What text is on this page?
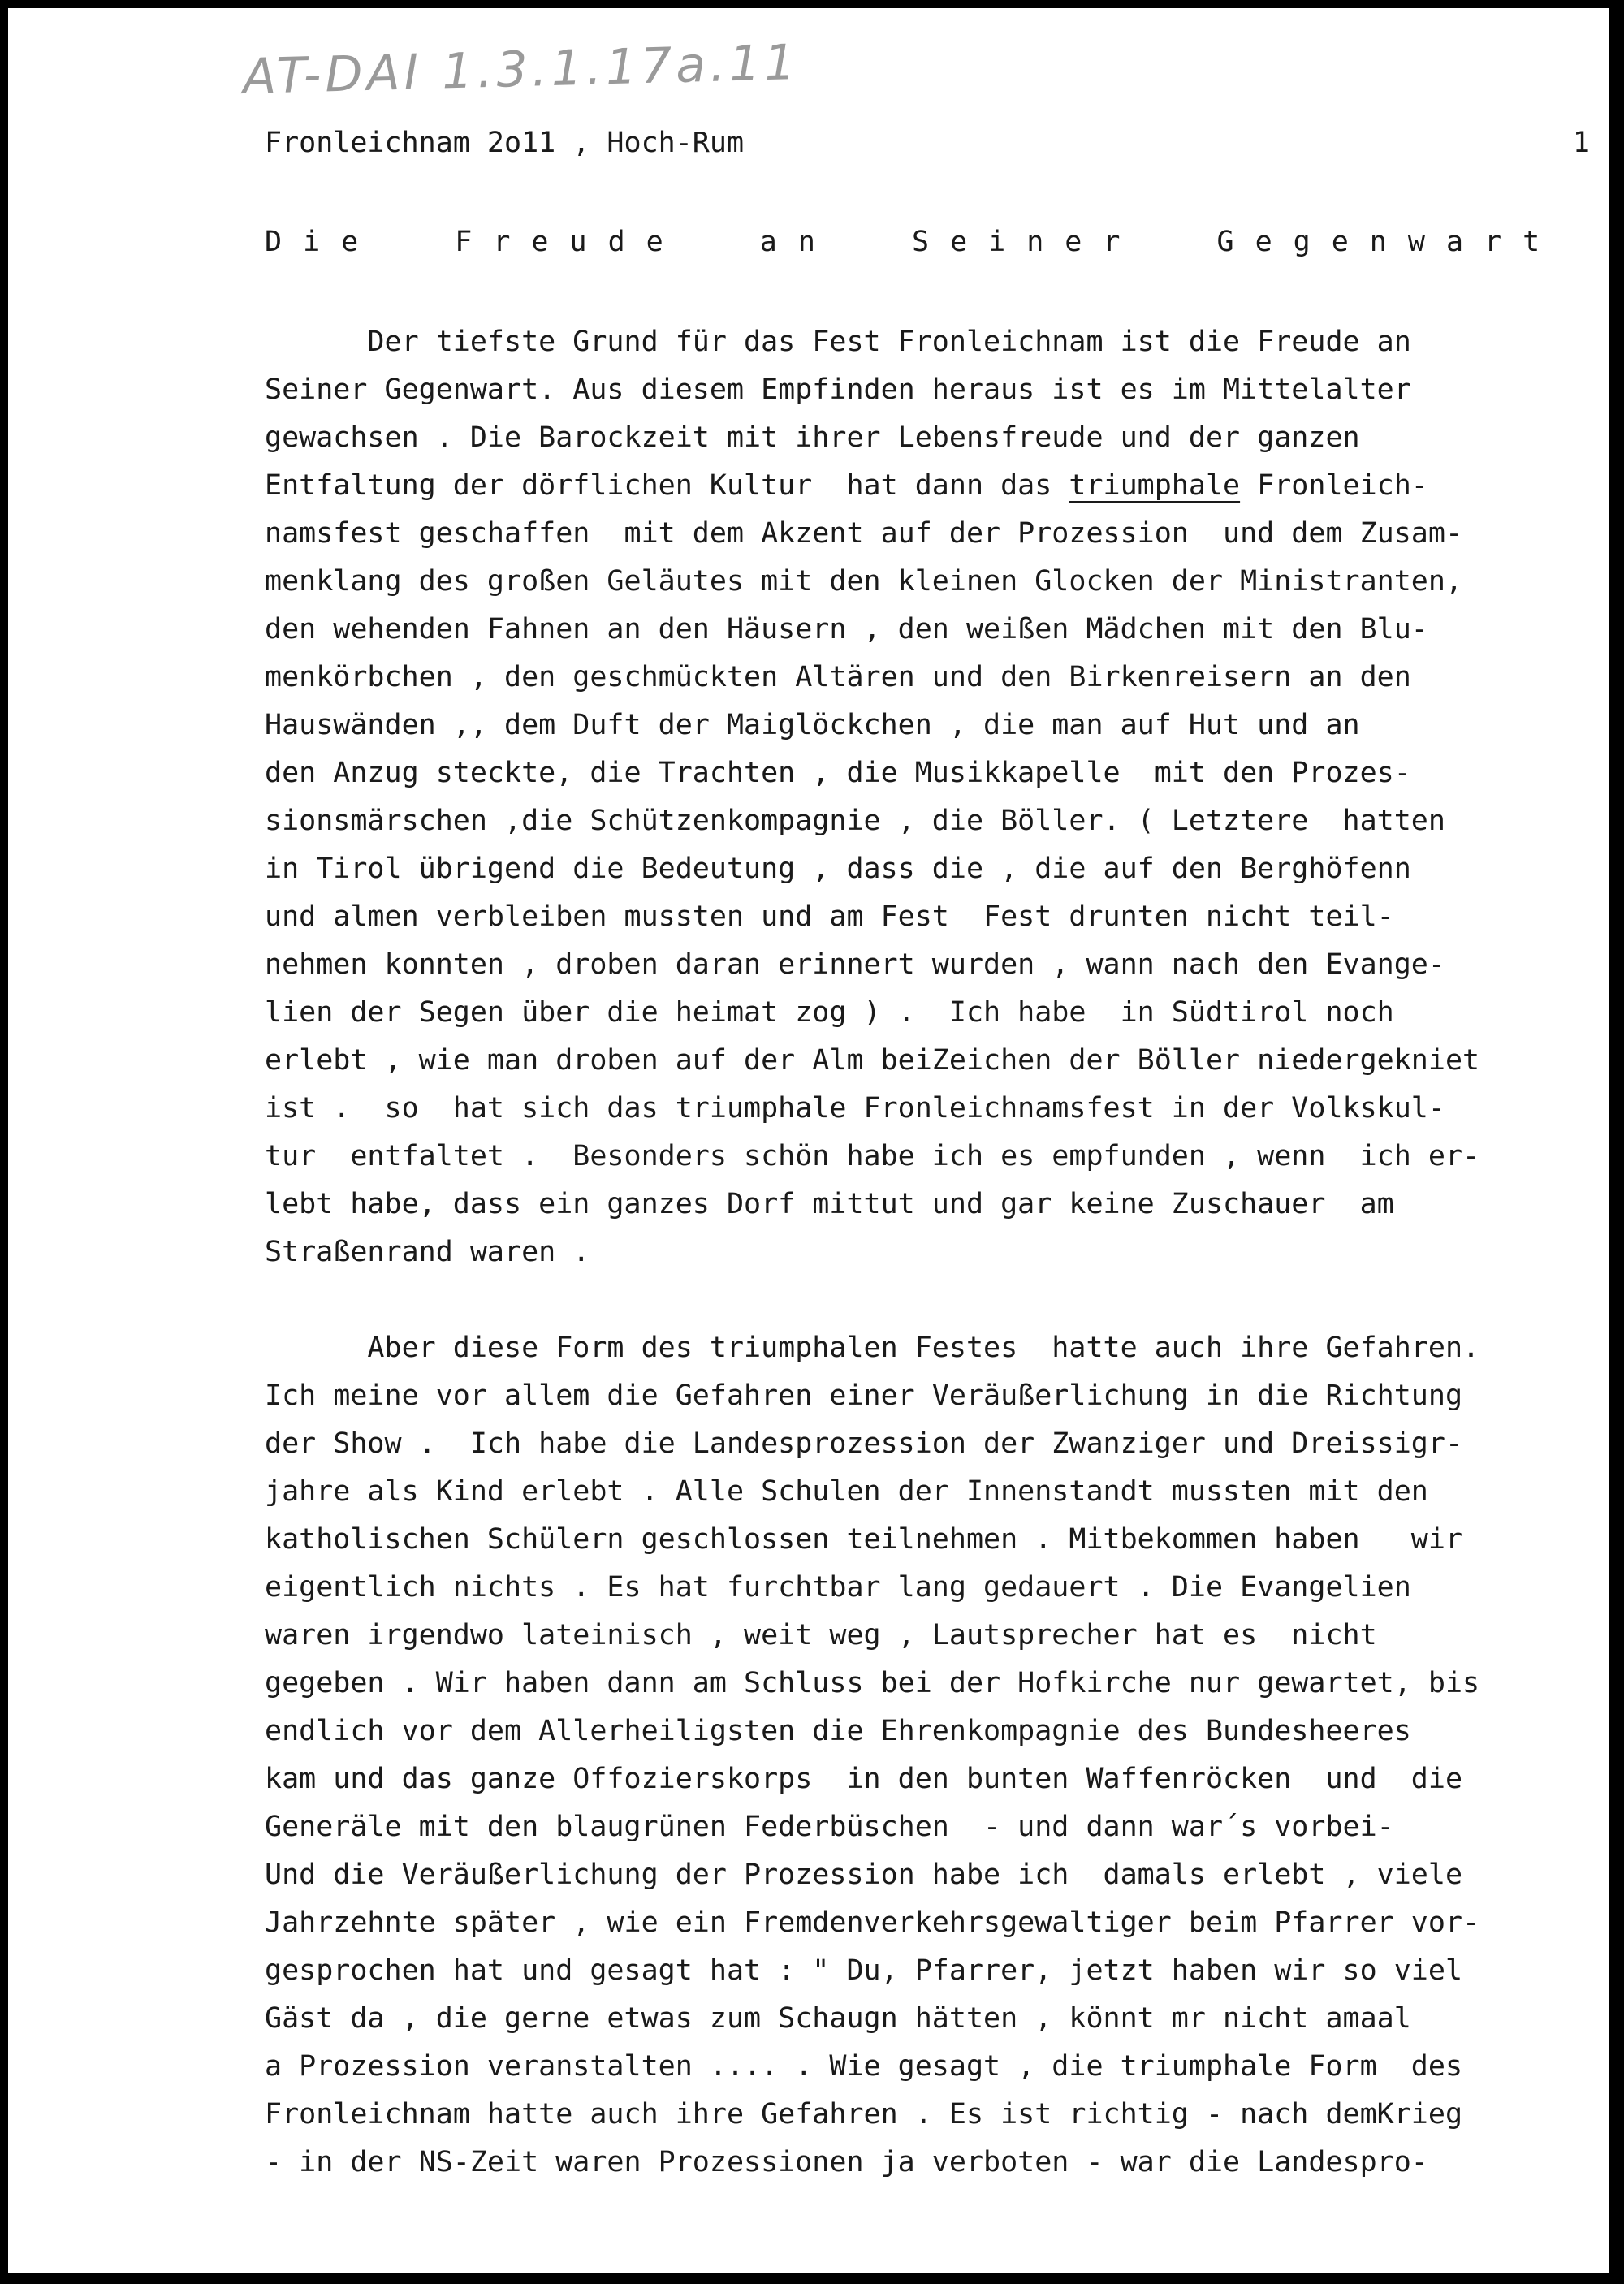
AT-DAI 1.3.1.17a.11
Fronleichnam 2o11 , Hoch-Rum	1
Die Freude an Seiner Gegenwart
Der tiefste Grund für das Fest Fronleichnam ist die Freude an
Seiner Gegenwart. Aus diesem Empfinden heraus ist es im Mittelalter
gewachsen . Die Barockzeit mit ihrer Lebensfreude und der ganzen
Entfaltung der dörflichen Kultur  hat dann das triumphale Fronleich-
namsfest geschaffen  mit dem Akzent auf der Prozession  und dem Zusam-
menklang des großen Geläutes mit den kleinen Glocken der Ministranten,
den wehenden Fahnen an den Häusern , den weißen Mädchen mit den Blu-
menkörbchen , den geschmückten Altären und den Birkenreisern an den
Hauswänden ,, dem Duft der Maiglöckchen , die man auf Hut und an
den Anzug steckte, die Trachten , die Musikkapelle  mit den Prozes-
sionsmärschen ,die Schützenkompagnie , die Böller. ( Letztere  hatten
in Tirol übrigend die Bedeutung , dass die , die auf den Berghöfenn
und almen verbleiben mussten und am Fest  Fest drunten nicht teil-
nehmen konnten , droben daran erinnert wurden , wann nach den Evange-
lien der Segen über die heimat zog ) .  Ich habe  in Südtirol noch
erlebt , wie man droben auf der Alm beiZeichen der Böller niedergekniet
ist .  so  hat sich das triumphale Fronleichnamsfest in der Volkskul-
tur  entfaltet .  Besonders schön habe ich es empfunden , wenn  ich er-
lebt habe, dass ein ganzes Dorf mittut und gar keine Zuschauer  am
Straßenrand waren .
Aber diese Form des triumphalen Festes  hatte auch ihre Gefahren.
Ich meine vor allem die Gefahren einer Veräußerlichung in die Richtung
der Show .  Ich habe die Landesprozession der Zwanziger und Dreissigr-
jahre als Kind erlebt . Alle Schulen der Innenstandt mussten mit den
katholischen Schülern geschlossen teilnehmen . Mitbekommen haben   wir
eigentlich nichts . Es hat furchtbar lang gedauert . Die Evangelien
waren irgendwo lateinisch , weit weg , Lautsprecher hat es  nicht
gegeben . Wir haben dann am Schluss bei der Hofkirche nur gewartet, bis
endlich vor dem Allerheiligsten die Ehrenkompagnie des Bundesheeres
kam und das ganze Offozierskorps  in den bunten Waffenröcken  und  die
Generäle mit den blaugrünen Federbüschen  - und dann war´s vorbei-
Und die Veräußerlichung der Prozession habe ich  damals erlebt , viele
Jahrzehnte später , wie ein Fremdenverkehrsgewaltiger beim Pfarrer vor-
gesprochen hat und gesagt hat : " Du, Pfarrer, jetzt haben wir so viel
Gäst da , die gerne etwas zum Schaugn hätten , könnt mr nicht amaal
a Prozession veranstalten .... . Wie gesagt , die triumphale Form  des
Fronleichnam hatte auch ihre Gefahren . Es ist richtig - nach demKrieg
- in der NS-Zeit waren Prozessionen ja verboten - war die Landespro-
